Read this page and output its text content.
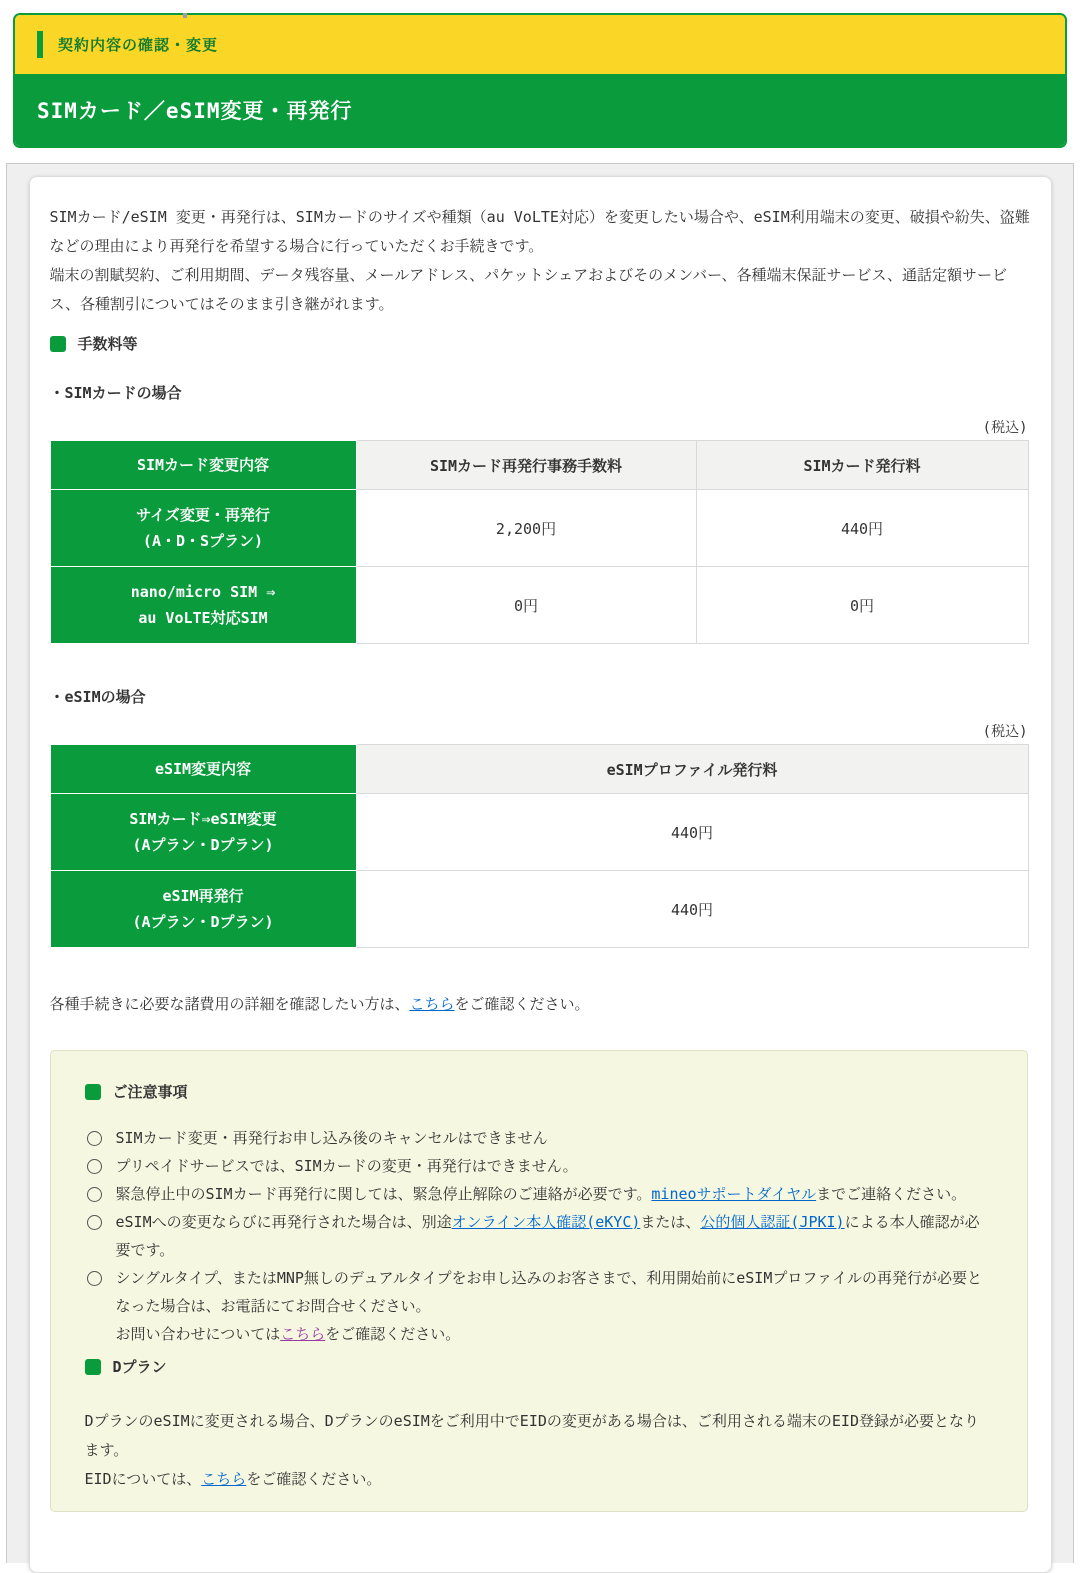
契約内容の確認・変更
SIMカード／eSIM変更・再発行

SIMカード/eSIM 変更・再発行は、SIMカードのサイズや種類（au VoLTE対応）を変更したい場合や、eSIM利用端末の変更、破損や紛失、盗難などの理由により再発行を希望する場合に行っていただくお手続きです。
端末の割賦契約、ご利用期間、データ残容量、メールアドレス、パケットシェアおよびそのメンバー、各種端末保証サービス、通話定額サービス、各種割引についてはそのまま引き継がれます。

手数料等
・SIMカードの場合
(税込)
SIMカード変更内容	SIMカード再発行事務手数料	SIMカード発行料
サイズ変更・再発行
(A・D・Sプラン)	2,200円	440円
nano/micro SIM ⇒
au VoLTE対応SIM	0円	0円
・eSIMの場合
(税込)
eSIM変更内容	eSIMプロファイル発行料
SIMカード⇒eSIM変更
(Aプラン・Dプラン)	440円
eSIM再発行
(Aプラン・Dプラン)	440円

各種手続きに必要な諸費用の詳細を確認したい方は、こちらをご確認ください。

ご注意事項
SIMカード変更・再発行お申し込み後のキャンセルはできません
プリペイドサービスでは、SIMカードの変更・再発行はできません。
緊急停止中のSIMカード再発行に関しては、緊急停止解除のご連絡が必要です。mineoサポートダイヤルまでご連絡ください。
eSIMへの変更ならびに再発行された場合は、別途オンライン本人確認(eKYC)または、公的個人認証(JPKI)による本人確認が必要です。
シングルタイプ、またはMNP無しのデュアルタイプをお申し込みのお客さまで、利用開始前にeSIMプロファイルの再発行が必要となった場合は、お電話にてお問合せください。
お問い合わせについてはこちらをご確認ください。
Dプラン

DプランのeSIMに変更される場合、DプランのeSIMをご利用中でEIDの変更がある場合は、ご利用される端末のEID登録が必要となります。
EIDについては、こちらをご確認ください。
